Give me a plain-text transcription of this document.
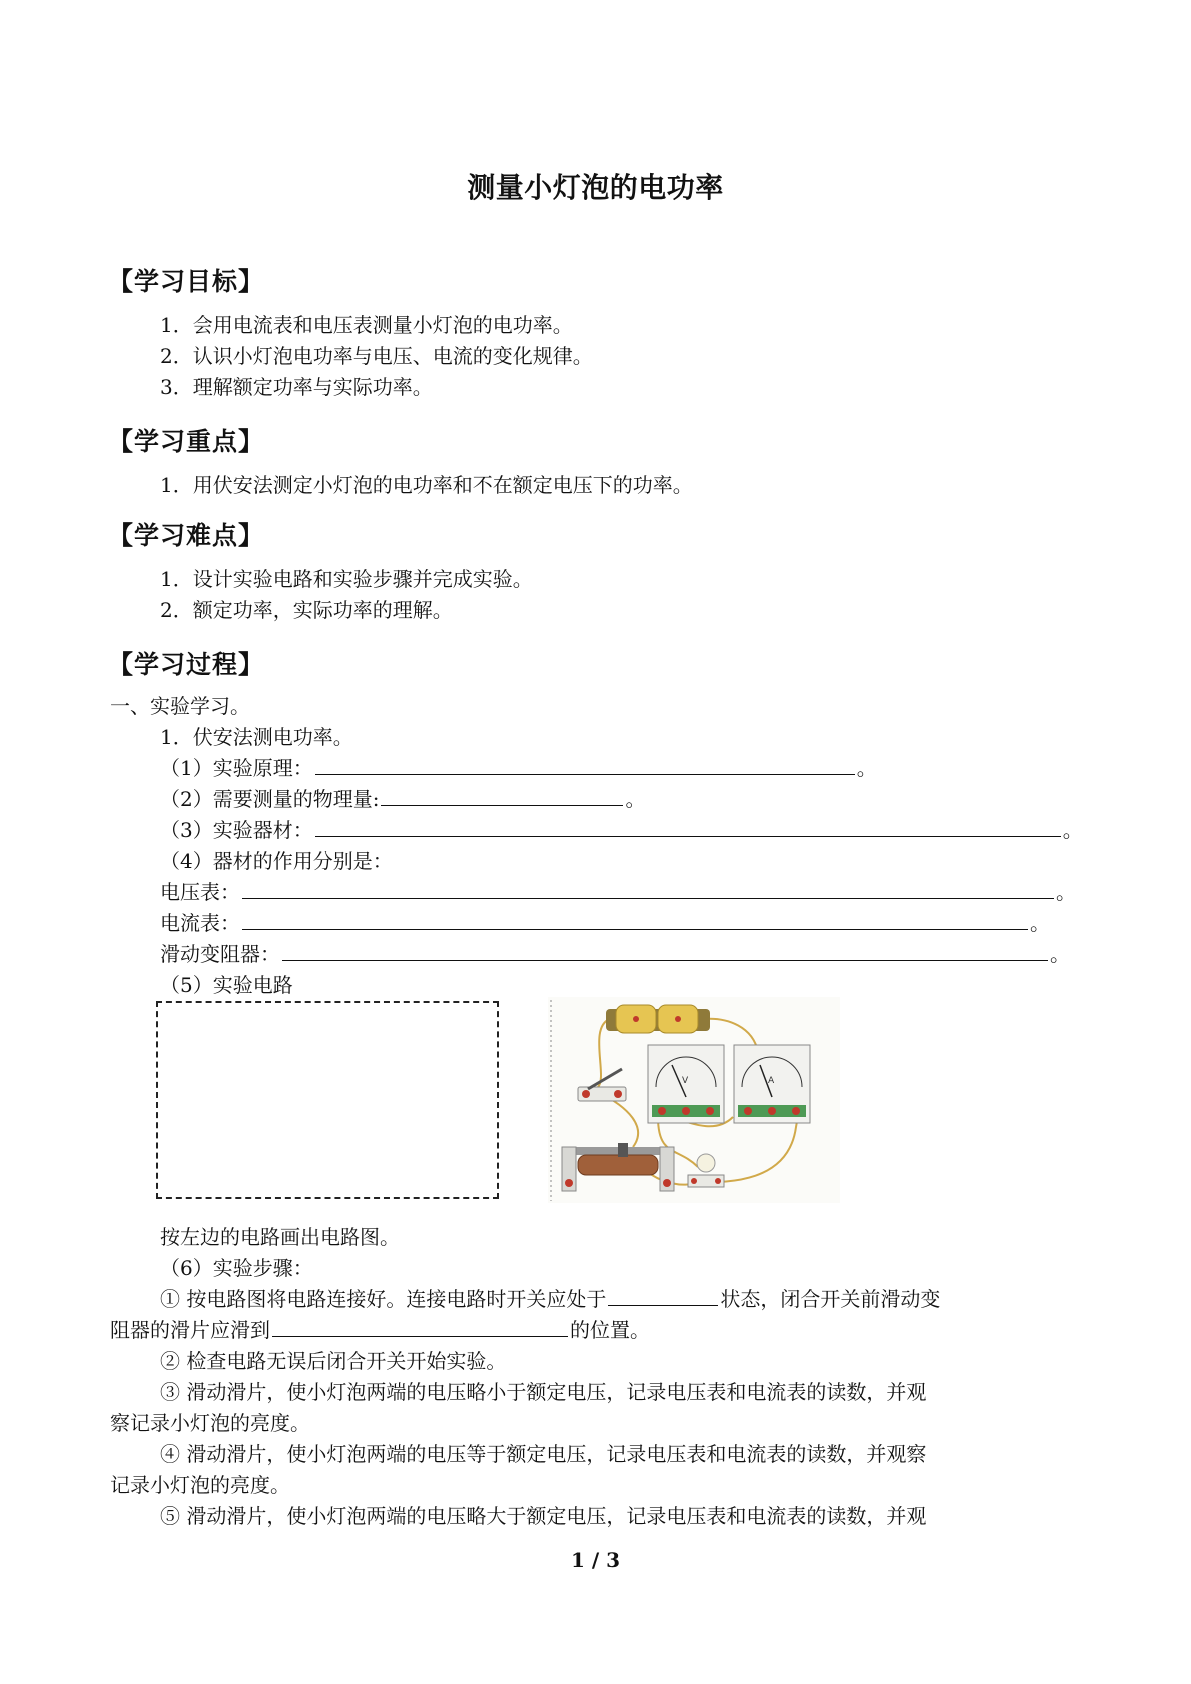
测量小灯泡的电功率
【学习目标】
1．会用电流表和电压表测量小灯泡的电功率。
2．认识小灯泡电功率与电压、电流的变化规律。
3．理解额定功率与实际功率。
【学习重点】
1．用伏安法测定小灯泡的电功率和不在额定电压下的功率。
【学习难点】
1．设计实验电路和实验步骤并完成实验。
2．额定功率，实际功率的理解。
【学习过程】
一、实验学习。
1．伏安法测电功率。
（1）实验原理：	。
（2）需要测量的物理量:	。
（3）实验器材：	。
（4）器材的作用分别是：
电压表：	。
电流表：	。
滑动变阻器：	。
（5）实验电路
V	A
按左边的电路画出电路图。
（6）实验步骤：
① 按电路图将电路连接好。连接电路时开关应处于	状态，闭合开关前滑动变
阻器的滑片应滑到	的位置。
② 检查电路无误后闭合开关开始实验。
③ 滑动滑片，使小灯泡两端的电压略小于额定电压，记录电压表和电流表的读数，并观
察记录小灯泡的亮度。
④ 滑动滑片，使小灯泡两端的电压等于额定电压，记录电压表和电流表的读数，并观察
记录小灯泡的亮度。
⑤ 滑动滑片，使小灯泡两端的电压略大于额定电压，记录电压表和电流表的读数，并观
1 / 3
